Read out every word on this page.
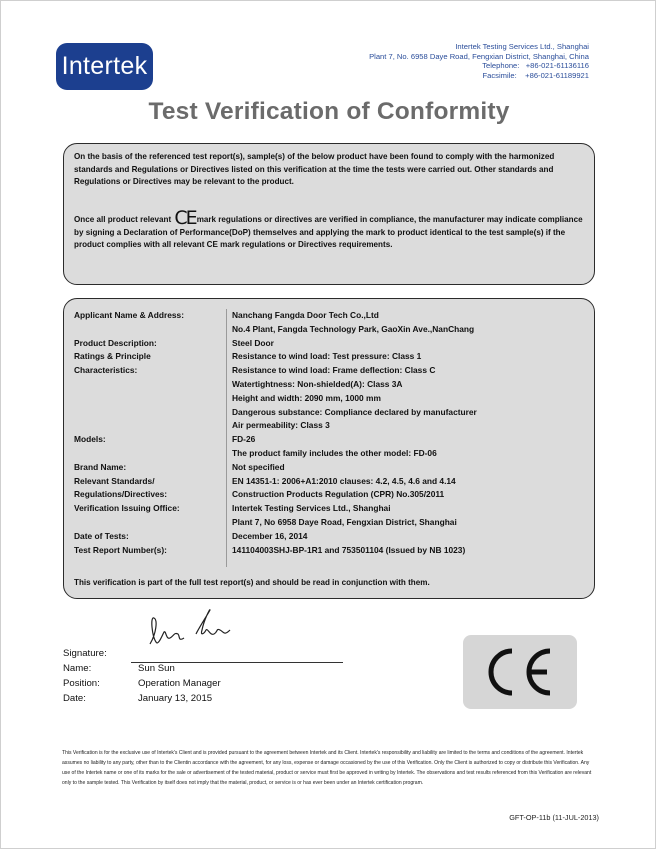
Intertek
Intertek Testing Services Ltd., Shanghai
Plant 7, No. 6958 Daye Road, Fengxian District, Shanghai, China
Telephone: +86-021-61136116
Facsimile: +86-021-61189921
Test Verification of Conformity
On the basis of the referenced test report(s), sample(s) of the below product have been found to comply with the harmonized standards and Regulations or Directives listed on this verification at the time the tests were carried out. Other standards and Regulations or Directives may be relevant to the product.
Once all product relevant CEmark regulations or directives are verified in compliance, the manufacturer may indicate compliance by signing a Declaration of Performance(DoP) themselves and applying the mark to product identical to the test sample(s) if the product complies with all relevant CE mark regulations or Directives requirements.
Applicant Name & Address:	Nanchang Fangda Door Tech Co.,Ltd
No.4 Plant, Fangda Technology Park, GaoXin Ave.,NanChang
Product Description:	Steel Door
Ratings & Principle	Resistance to wind load: Test pressure: Class 1
Characteristics:	Resistance to wind load: Frame deflection: Class C
Watertightness: Non-shielded(A): Class 3A
Height and width: 2090 mm, 1000 mm
Dangerous substance: Compliance declared by manufacturer
Air permeability: Class 3
Models:	FD-26
The product family includes the other model: FD-06
Brand Name:	Not specified
Relevant Standards/	EN 14351-1: 2006+A1:2010 clauses: 4.2, 4.5, 4.6 and 4.14
Regulations/Directives:	Construction Products Regulation (CPR) No.305/2011
Verification Issuing Office:	Intertek Testing Services Ltd., Shanghai
Plant 7, No 6958 Daye Road, Fengxian District, Shanghai
Date of Tests:	December 16, 2014
Test Report Number(s):	141104003SHJ-BP-1R1 and 753501104 (Issued by NB 1023)
This verification is part of the full test report(s) and should be read in conjunction with them.
Signature:
Name:	Sun Sun
Position:	Operation Manager
Date:	January 13, 2015
CE
This Verification is for the exclusive use of Intertek's Client and is provided pursuant to the agreement between Intertek and its Client. Intertek's responsibility and liability are limited to the terms and conditions of the agreement. Intertek assumes no liability to any party, other than to the Clientin accordance with the agreement, for any loss, expense or damage occasioned by the use of this Verification. Only the Client is authorized to copy or distribute this Verification. Any use of the Intertek name or one of its marks for the sale or advertisement of the tested material, product or service must first be approved in writing by Intertek. The observations and test results referenced from this Verification are relevant only to the sample tested. This Verification by itself does not imply that the material, product, or service is or has ever been under an Intertek certification program.
GFT-OP-11b (11-JUL-2013)
